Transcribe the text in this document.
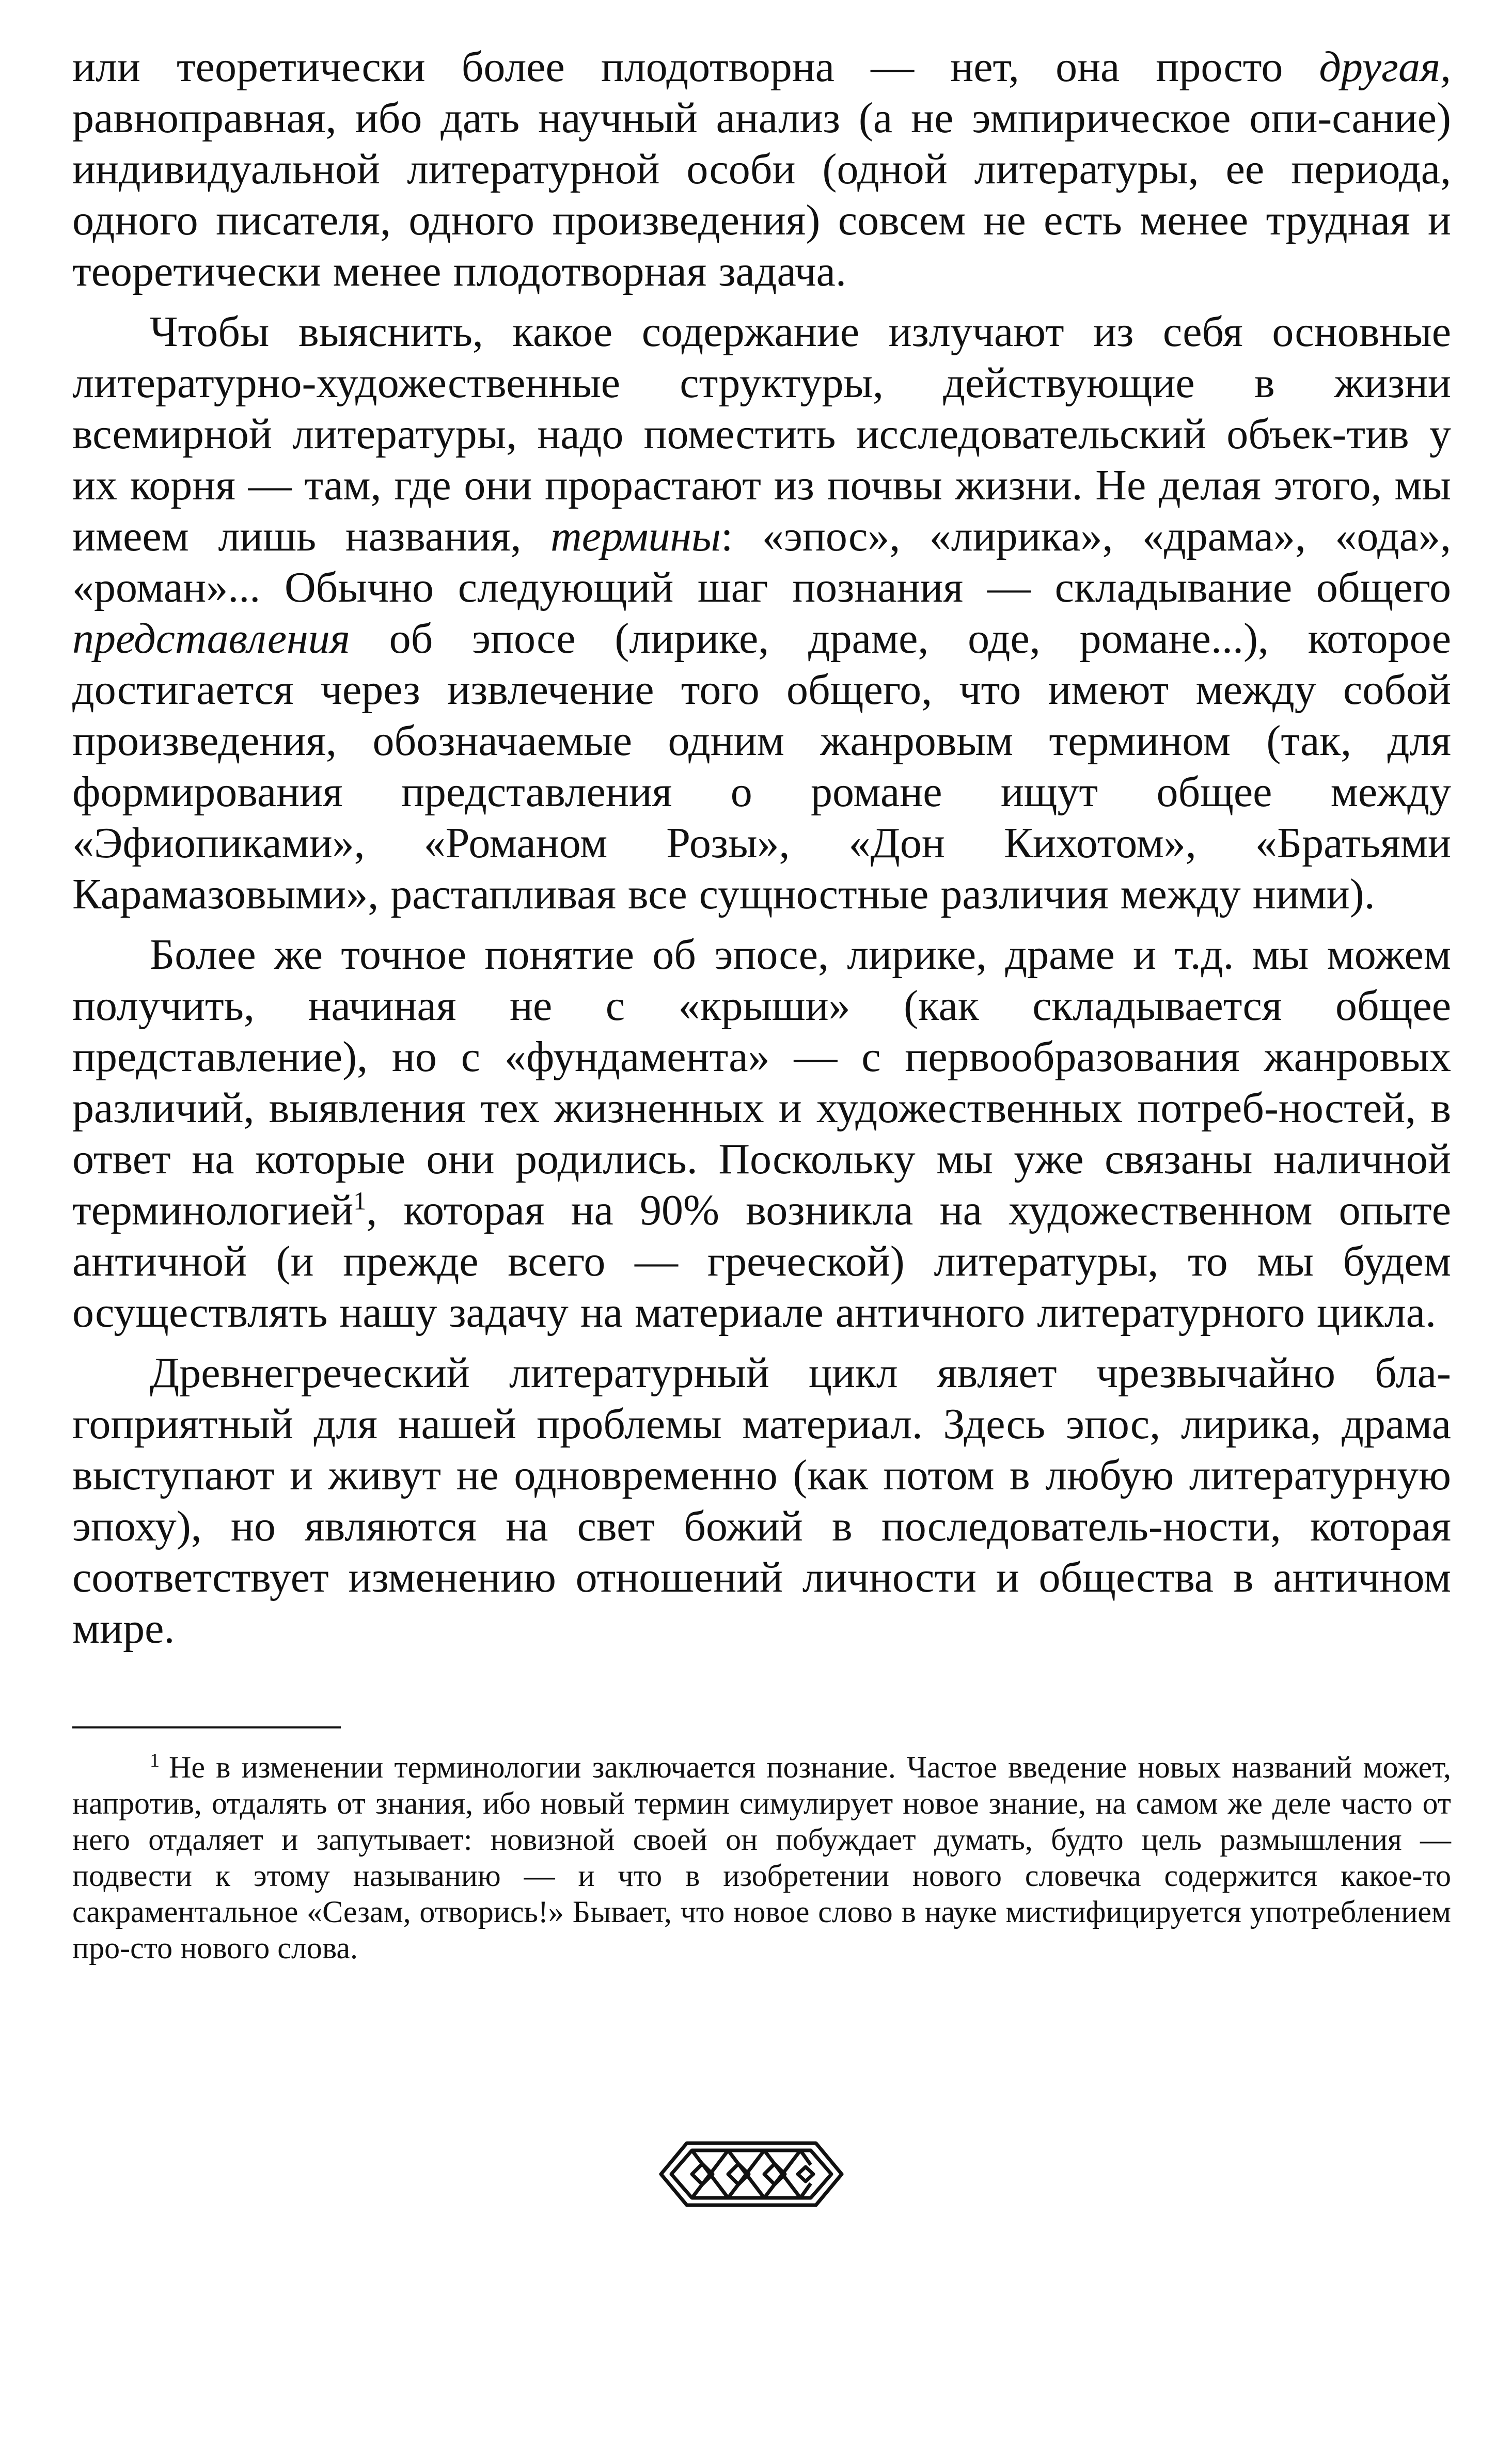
или теоретически более плодотворна — нет, она просто другая, равноправная, ибо дать научный анализ (а не эмпирическое опи-сание) индивидуальной литературной особи (одной литературы, ее периода, одного писателя, одного произведения) совсем не есть менее трудная и теоретически менее плодотворная задача.

Чтобы выяснить, какое содержание излучают из себя основные литературно-художественные структуры, действующие в жизни всемирной литературы, надо поместить исследовательский объек-тив у их корня — там, где они прорастают из почвы жизни. Не делая этого, мы имеем лишь названия, термины: «эпос», «лирика», «драма», «ода», «роман»... Обычно следующий шаг познания — складывание общего представления об эпосе (лирике, драме, оде, романе...), которое достигается через извлечение того общего, что имеют между собой произведения, обозначаемые одним жанровым термином (так, для формирования представления о романе ищут общее между «Эфиопиками», «Романом Розы», «Дон Кихотом», «Братьями Карамазовыми», растапливая все сущностные различия между ними).

Более же точное понятие об эпосе, лирике, драме и т.д. мы можем получить, начиная не с «крыши» (как складывается общее представление), но с «фундамента» — с первообразования жанровых различий, выявления тех жизненных и художественных потреб-ностей, в ответ на которые они родились. Поскольку мы уже связаны наличной терминологией$^1$, которая на 90% возникла на художественном опыте античной (и прежде всего — греческой) литературы, то мы будем осуществлять нашу задачу на материале античного литературного цикла.

Древнегреческий литературный цикл являет чрезвычайно бла-гоприятный для нашей проблемы материал. Здесь эпос, лирика, драма выступают и живут не одновременно (как потом в любую литературную эпоху), но являются на свет божий в последователь-ности, которая соответствует изменению отношений личности и общества в античном мире.

$^1$ Не в изменении терминологии заключается познание. Частое введение новых названий может, напротив, отдалять от знания, ибо новый термин симулирует новое знание, на самом же деле часто от него отдаляет и запутывает: новизной своей он побуждает думать, будто цель размышления — подвести к этому называнию — и что в изобретении нового словечка содержится какое-то сакраментальное «Сезам, отворись!» Бывает, что новое слово в науке мистифицируется употреблением про-сто нового слова.
